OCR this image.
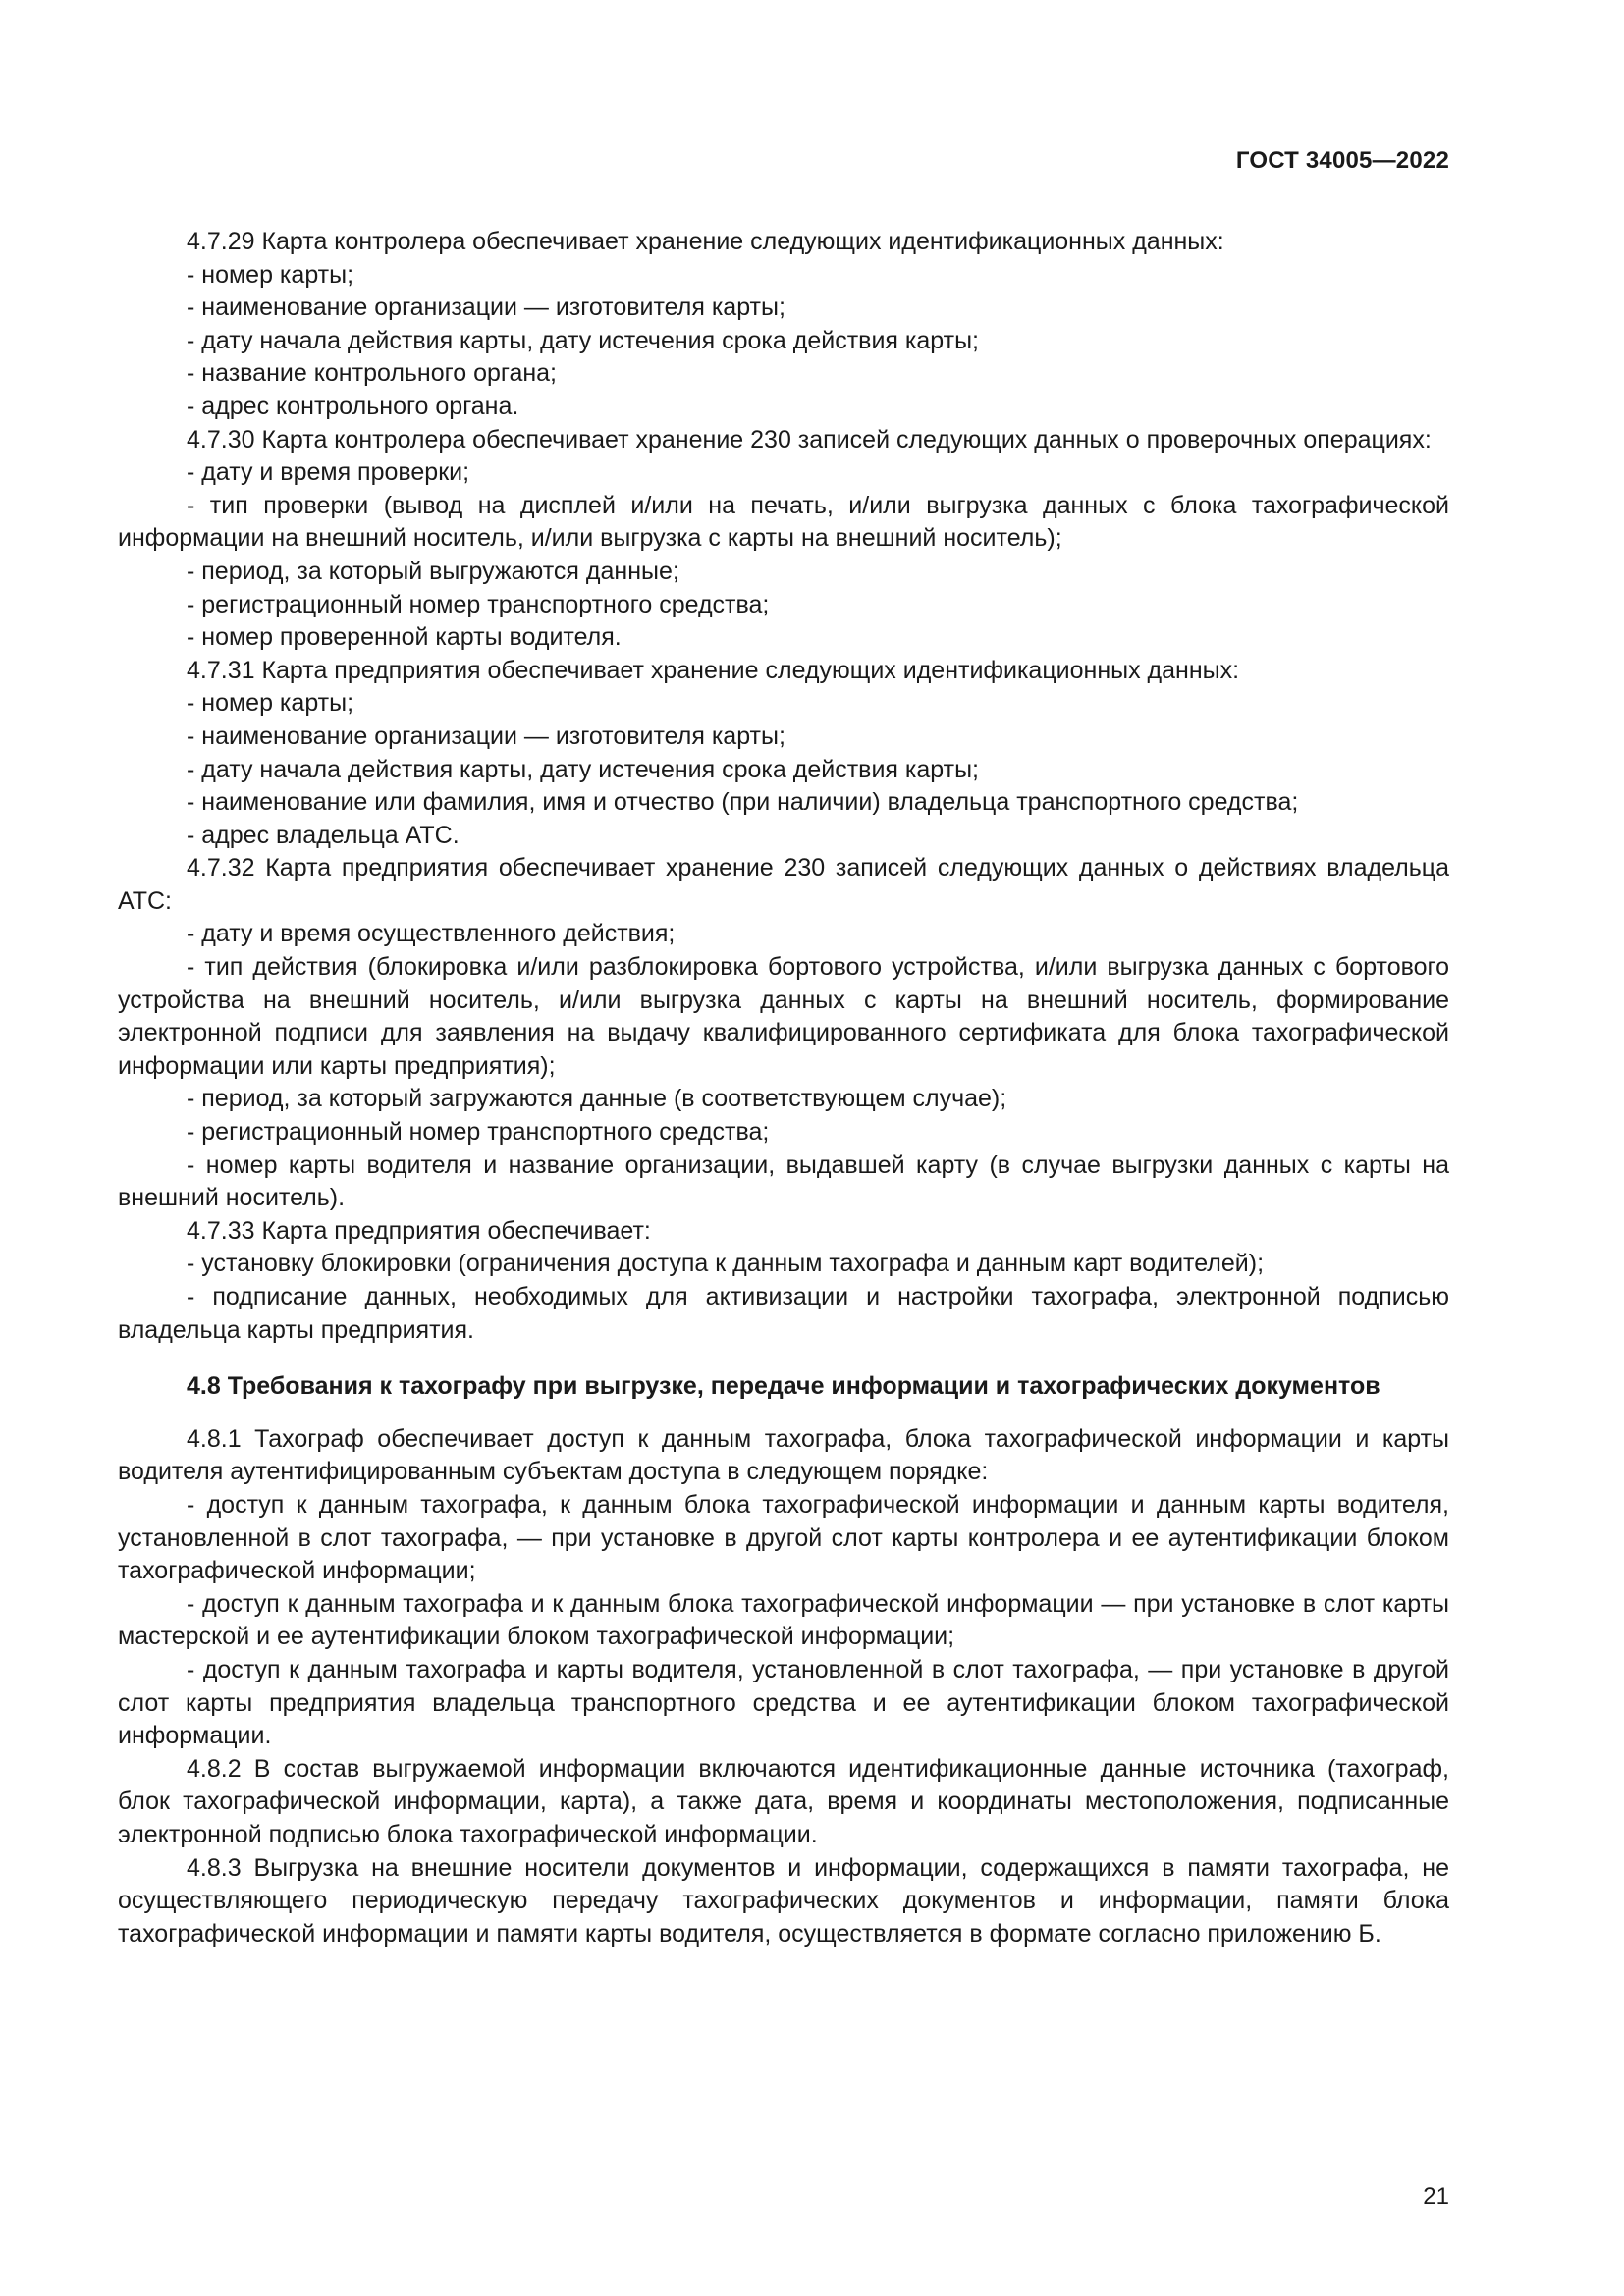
ГОСТ 34005—2022

4.7.29 Карта контролера обеспечивает хранение следующих идентификационных данных:

- номер карты;

- наименование организации — изготовителя карты;

- дату начала действия карты, дату истечения срока действия карты;

- название контрольного органа;

- адрес контрольного органа.

4.7.30 Карта контролера обеспечивает хранение 230 записей следующих данных о проверочных операциях:

- дату и время проверки;

- тип проверки (вывод на дисплей и/или на печать, и/или выгрузка данных с блока тахографической информации на внешний носитель, и/или выгрузка с карты на внешний носитель);

- период, за который выгружаются данные;

- регистрационный номер транспортного средства;

- номер проверенной карты водителя.

4.7.31 Карта предприятия обеспечивает хранение следующих идентификационных данных:

- номер карты;

- наименование организации — изготовителя карты;

- дату начала действия карты, дату истечения срока действия карты;

- наименование или фамилия, имя и отчество (при наличии) владельца транспортного средства;

- адрес владельца АТС.

4.7.32 Карта предприятия обеспечивает хранение 230 записей следующих данных о действиях владельца АТС:

- дату и время осуществленного действия;

- тип действия (блокировка и/или разблокировка бортового устройства, и/или выгрузка данных с бортового устройства на внешний носитель, и/или выгрузка данных с карты на внешний носитель, формирование электронной подписи для заявления на выдачу квалифицированного сертификата для блока тахографической информации или карты предприятия);

- период, за который загружаются данные (в соответствующем случае);

- регистрационный номер транспортного средства;

- номер карты водителя и название организации, выдавшей карту (в случае выгрузки данных с карты на внешний носитель).

4.7.33 Карта предприятия обеспечивает:

- установку блокировки (ограничения доступа к данным тахографа и данным карт водителей);

- подписание данных, необходимых для активизации и настройки тахографа, электронной подписью владельца карты предприятия.

4.8 Требования к тахографу при выгрузке, передаче информации и тахографических документов

4.8.1 Тахограф обеспечивает доступ к данным тахографа, блока тахографической информации и карты водителя аутентифицированным субъектам доступа в следующем порядке:

- доступ к данным тахографа, к данным блока тахографической информации и данным карты водителя, установленной в слот тахографа, — при установке в другой слот карты контролера и ее аутентификации блоком тахографической информации;

- доступ к данным тахографа и к данным блока тахографической информации — при установке в слот карты мастерской и ее аутентификации блоком тахографической информации;

- доступ к данным тахографа и карты водителя, установленной в слот тахографа, — при установке в другой слот карты предприятия владельца транспортного средства и ее аутентификации блоком тахографической информации.

4.8.2 В состав выгружаемой информации включаются идентификационные данные источника (тахограф, блок тахографической информации, карта), а также дата, время и координаты местоположения, подписанные электронной подписью блока тахографической информации.

4.8.3 Выгрузка на внешние носители документов и информации, содержащихся в памяти тахографа, не осуществляющего периодическую передачу тахографических документов и информации, памяти блока тахографической информации и памяти карты водителя, осуществляется в формате согласно приложению Б.

21
